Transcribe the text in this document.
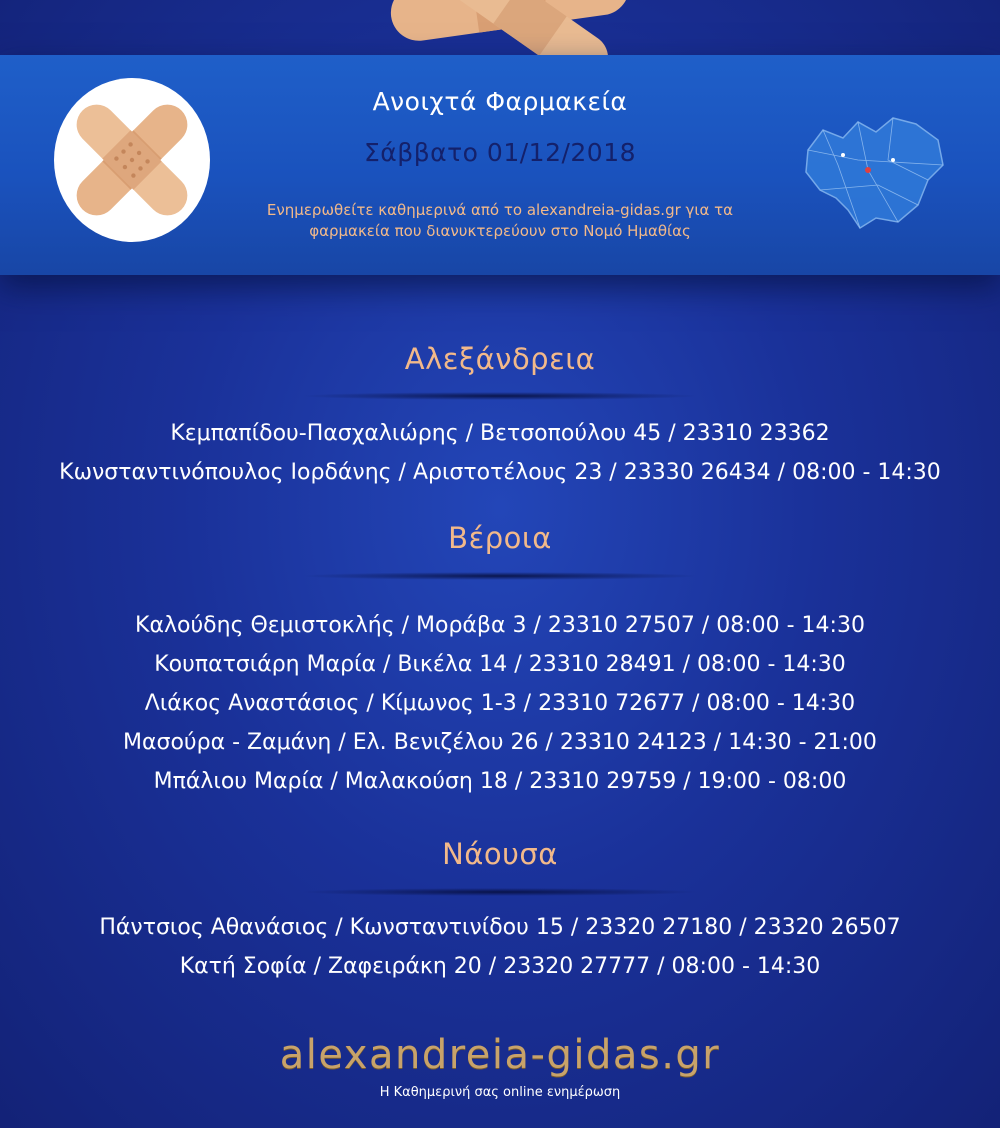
Ανοιχτά Φαρμακεία
Σάββατο 01/12/2018
Ενημερωθείτε καθημερινά από το alexandreia-gidas.gr για τα
φαρμακεία που διανυκτερεύουν στο Νομό Ημαθίας
Αλεξάνδρεια
Κεμπαπίδου-Πασχαλιώρης / Βετσοπούλου 45 / 23310 23362
Κωνσταντινόπουλος Ιορδάνης / Αριστοτέλους 23 / 23330 26434 / 08:00 - 14:30
Βέροια
Καλούδης Θεμιστοκλής / Μοράβα 3 / 23310 27507 / 08:00 - 14:30
Κουπατσιάρη Μαρία / Βικέλα 14 / 23310 28491 / 08:00 - 14:30
Λιάκος Αναστάσιος / Κίμωνος 1-3 / 23310 72677 / 08:00 - 14:30
Μασούρα - Ζαμάνη / Ελ. Βενιζέλου 26 / 23310 24123 / 14:30 - 21:00
Μπάλιου Μαρία / Μαλακούση 18 / 23310 29759 / 19:00 - 08:00
Νάουσα
Πάντσιος Αθανάσιος / Κωνσταντινίδου 15 / 23320 27180 / 23320 26507
Κατή Σοφία / Ζαφειράκη 20 / 23320 27777 / 08:00 - 14:30
alexandreia-gidas.gr
Η Καθημερινή σας online ενημέρωση
